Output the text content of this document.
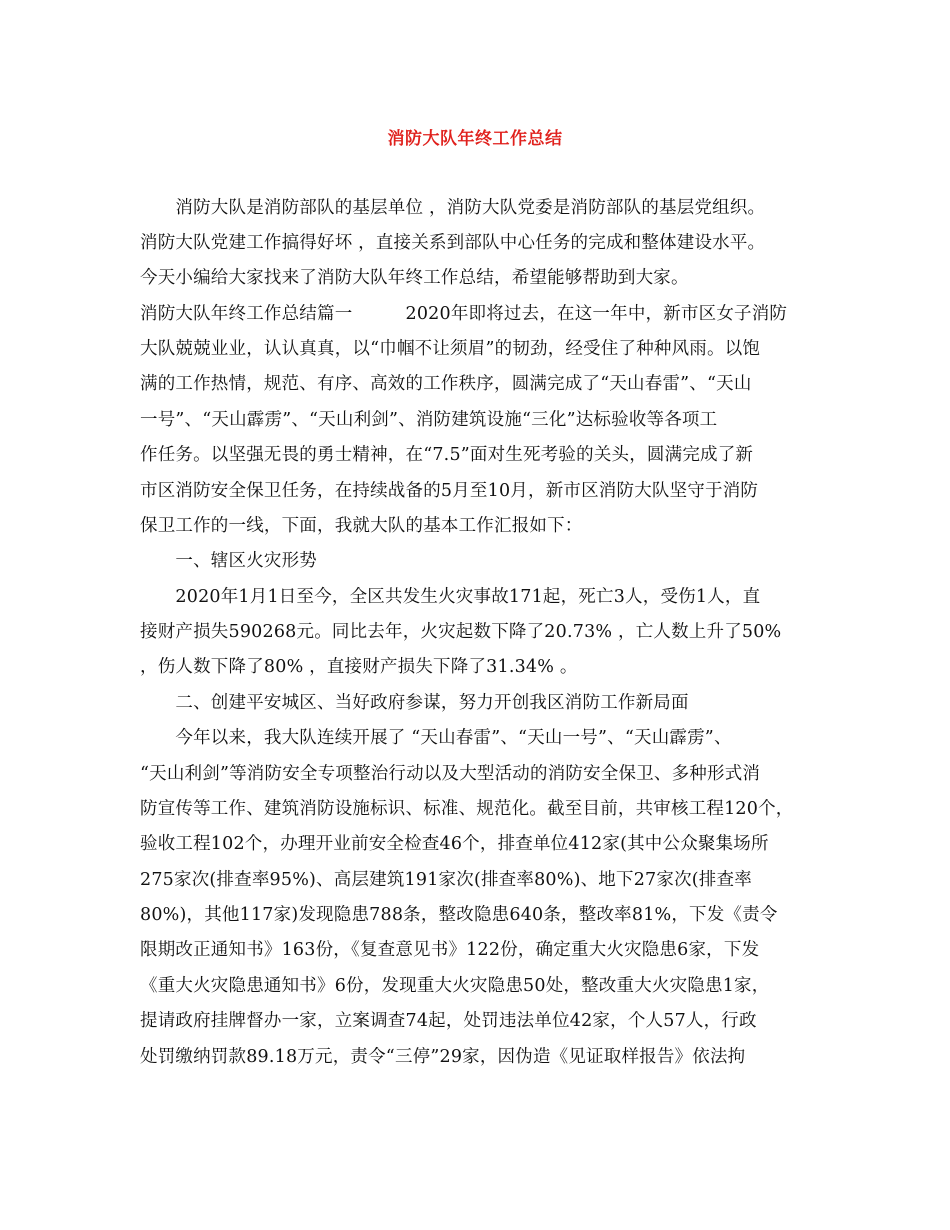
消防大队年终工作总结
　　消防大队是消防部队的基层单位 ，消防大队党委是消防部队的基层党组织。
消防大队党建工作搞得好坏 ，直接关系到部队中心任务的完成和整体建设水平。
今天小编给大家找来了消防大队年终工作总结，希望能够帮助到大家。
消防大队年终工作总结篇一　　　2020年即将过去，在这一年中，新市区女子消防
大队兢兢业业，认认真真，以“巾帼不让须眉”的韧劲，经受住了种种风雨。以饱
满的工作热情，规范、有序、高效的工作秩序，圆满完成了“天山春雷”、“天山
一号”、“天山霹雳”、“天山利剑”、消防建筑设施“三化”达标验收等各项工
作任务。以坚强无畏的勇士精神，在“7.5”面对生死考验的关头，圆满完成了新
市区消防安全保卫任务，在持续战备的5月至10月，新市区消防大队坚守于消防
保卫工作的一线，下面，我就大队的基本工作汇报如下：
　　一、辖区火灾形势
　　2020年1月1日至今，全区共发生火灾事故171起，死亡3人，受伤1人，直
接财产损失590268元。同比去年，火灾起数下降了20.73% ，亡人数上升了50%
，伤人数下降了80% ，直接财产损失下降了31.34% 。
　　二、创建平安城区、当好政府参谋，努力开创我区消防工作新局面
　　今年以来，我大队连续开展了 “天山春雷”、“天山一号”、“天山霹雳”、
“天山利剑”等消防安全专项整治行动以及大型活动的消防安全保卫、多种形式消
防宣传等工作、建筑消防设施标识、标准、规范化。截至目前，共审核工程120个，
验收工程102个，办理开业前安全检查46个，排查单位412家(其中公众聚集场所
275家次(排查率95%)、高层建筑191家次(排查率80%)、地下27家次(排查率
80%)，其他117家)发现隐患788条，整改隐患640条，整改率81%，下发《责令
限期改正通知书》163份，《复查意见书》122份，确定重大火灾隐患6家，下发
《重大火灾隐患通知书》6份，发现重大火灾隐患50处，整改重大火灾隐患1家，
提请政府挂牌督办一家，立案调查74起，处罚违法单位42家，个人57人，行政
处罚缴纳罚款89.18万元，责令“三停”29家，因伪造《见证取样报告》依法拘
